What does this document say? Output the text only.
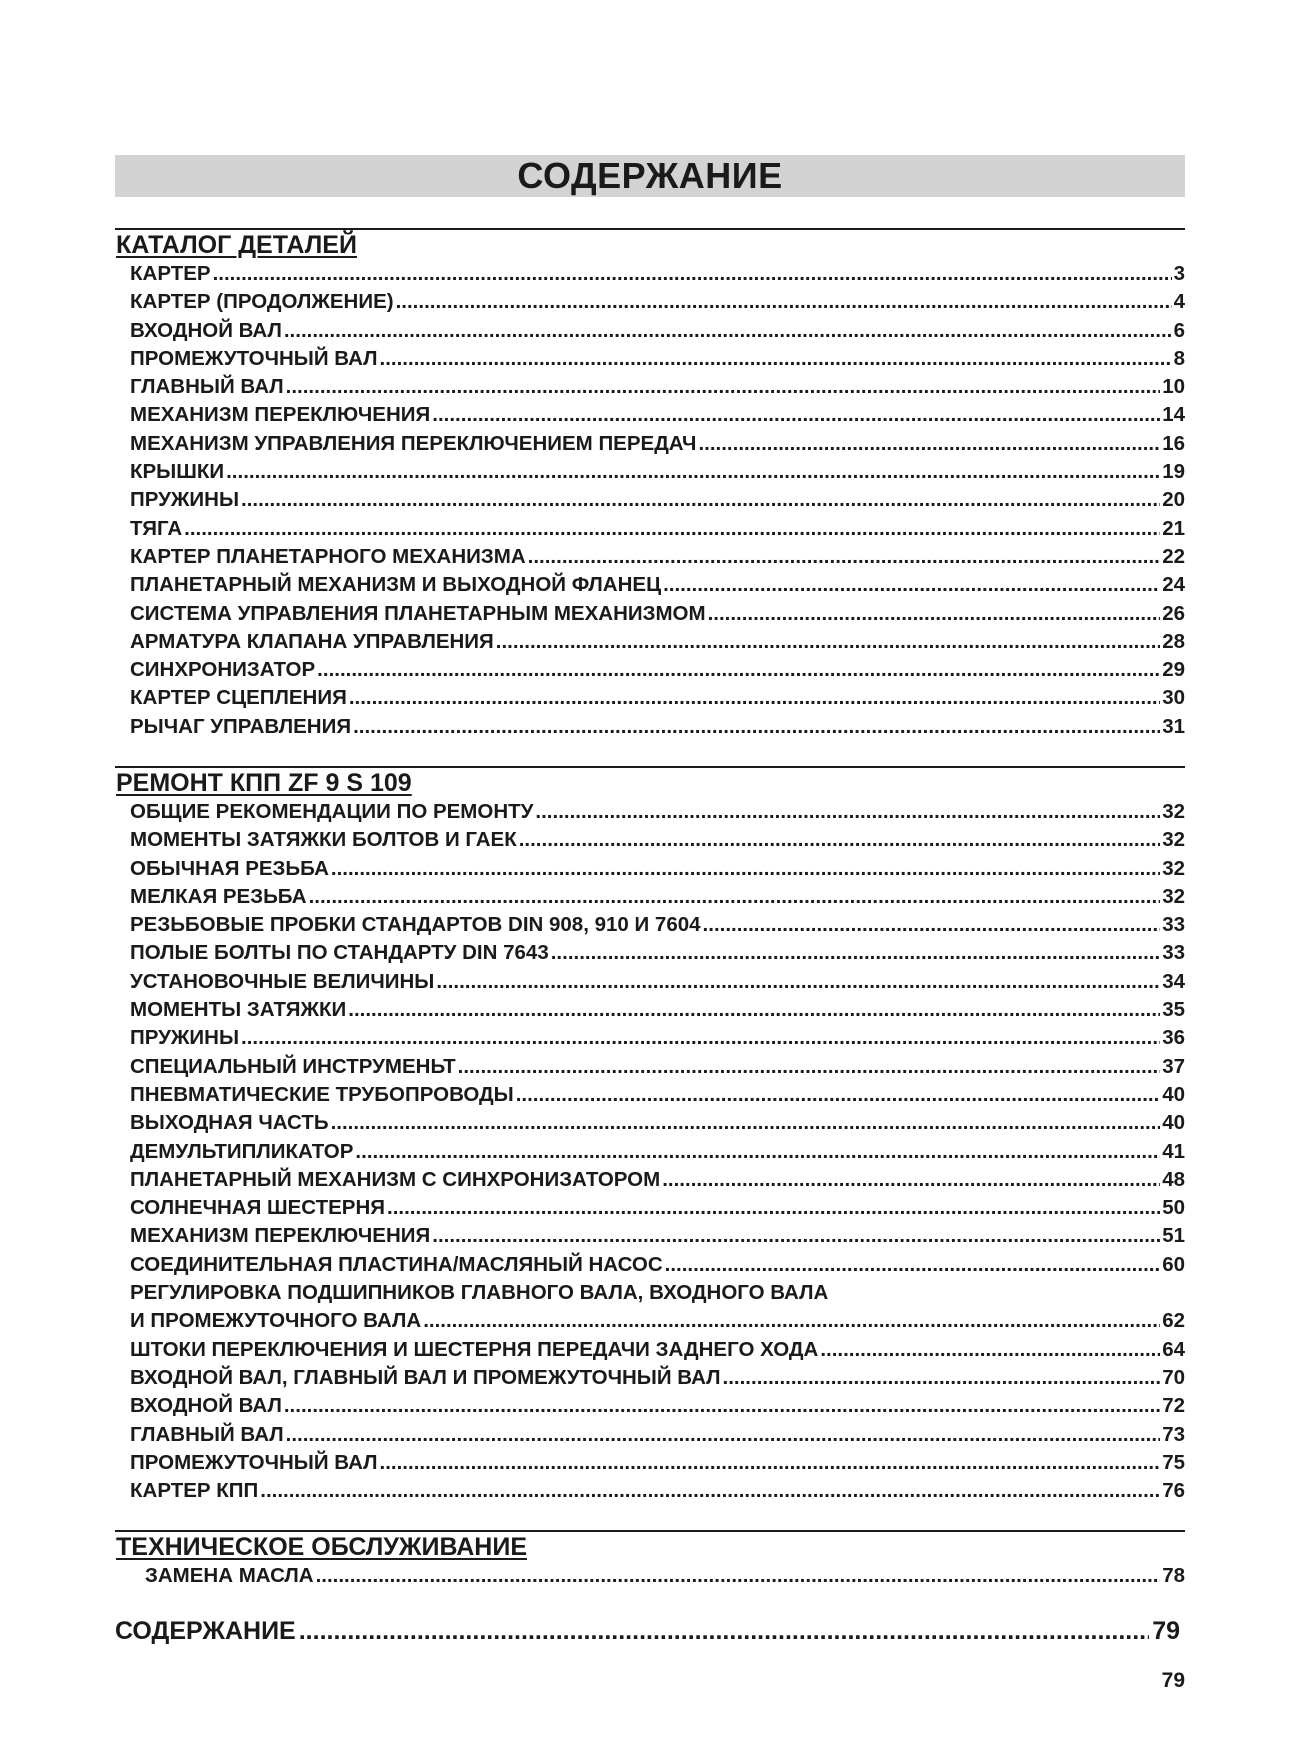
СОДЕРЖАНИЕ
КАТАЛОГ ДЕТАЛЕЙ
КАРТЕР .....	3
КАРТЕР (ПРОДОЛЖЕНИЕ) .....	4
ВХОДНОЙ ВАЛ .....	6
ПРОМЕЖУТОЧНЫЙ ВАЛ .....	8
ГЛАВНЫЙ ВАЛ .....	10
МЕХАНИЗМ ПЕРЕКЛЮЧЕНИЯ .....	14
МЕХАНИЗМ УПРАВЛЕНИЯ ПЕРЕКЛЮЧЕНИЕМ ПЕРЕДАЧ .....	16
КРЫШКИ .....	19
ПРУЖИНЫ .....	20
ТЯГА .....	21
КАРТЕР ПЛАНЕТАРНОГО МЕХАНИЗМА .....	22
ПЛАНЕТАРНЫЙ МЕХАНИЗМ И ВЫХОДНОЙ ФЛАНЕЦ .....	24
СИСТЕМА УПРАВЛЕНИЯ ПЛАНЕТАРНЫМ МЕХАНИЗМОМ .....	26
АРМАТУРА КЛАПАНА УПРАВЛЕНИЯ .....	28
СИНХРОНИЗАТОР .....	29
КАРТЕР СЦЕПЛЕНИЯ .....	30
РЫЧАГ УПРАВЛЕНИЯ .....	31
РЕМОНТ КПП ZF 9 S 109
ОБЩИЕ РЕКОМЕНДАЦИИ ПО РЕМОНТУ .....	32
МОМЕНТЫ ЗАТЯЖКИ БОЛТОВ И ГАЕК .....	32
ОБЫЧНАЯ РЕЗЬБА .....	32
МЕЛКАЯ РЕЗЬБА .....	32
РЕЗЬБОВЫЕ ПРОБКИ СТАНДАРТОВ DIN 908, 910 И 7604 .....	33
ПОЛЫЕ БОЛТЫ ПО СТАНДАРТУ DIN 7643 .....	33
УСТАНОВОЧНЫЕ ВЕЛИЧИНЫ .....	34
МОМЕНТЫ ЗАТЯЖКИ .....	35
ПРУЖИНЫ .....	36
СПЕЦИАЛЬНЫЙ ИНСТРУМЕНЬТ .....	37
ПНЕВМАТИЧЕСКИЕ ТРУБОПРОВОДЫ .....	40
ВЫХОДНАЯ ЧАСТЬ .....	40
ДЕМУЛЬТИПЛИКАТОР .....	41
ПЛАНЕТАРНЫЙ МЕХАНИЗМ С СИНХРОНИЗАТОРОМ .....	48
СОЛНЕЧНАЯ ШЕСТЕРНЯ .....	50
МЕХАНИЗМ ПЕРЕКЛЮЧЕНИЯ .....	51
СОЕДИНИТЕЛЬНАЯ ПЛАСТИНА/МАСЛЯНЫЙ НАСОС .....	60
РЕГУЛИРОВКА ПОДШИПНИКОВ ГЛАВНОГО ВАЛА, ВХОДНОГО ВАЛА
И ПРОМЕЖУТОЧНОГО ВАЛА .....	62
ШТОКИ ПЕРЕКЛЮЧЕНИЯ И ШЕСТЕРНЯ ПЕРЕДАЧИ ЗАДНЕГО ХОДА .....	64
ВХОДНОЙ ВАЛ, ГЛАВНЫЙ ВАЛ И ПРОМЕЖУТОЧНЫЙ ВАЛ .....	70
ВХОДНОЙ ВАЛ .....	72
ГЛАВНЫЙ ВАЛ .....	73
ПРОМЕЖУТОЧНЫЙ ВАЛ .....	75
КАРТЕР КПП .....	76
ТЕХНИЧЕСКОЕ ОБСЛУЖИВАНИЕ
ЗАМЕНА МАСЛА .....	78
СОДЕРЖАНИЕ .....	79
79
